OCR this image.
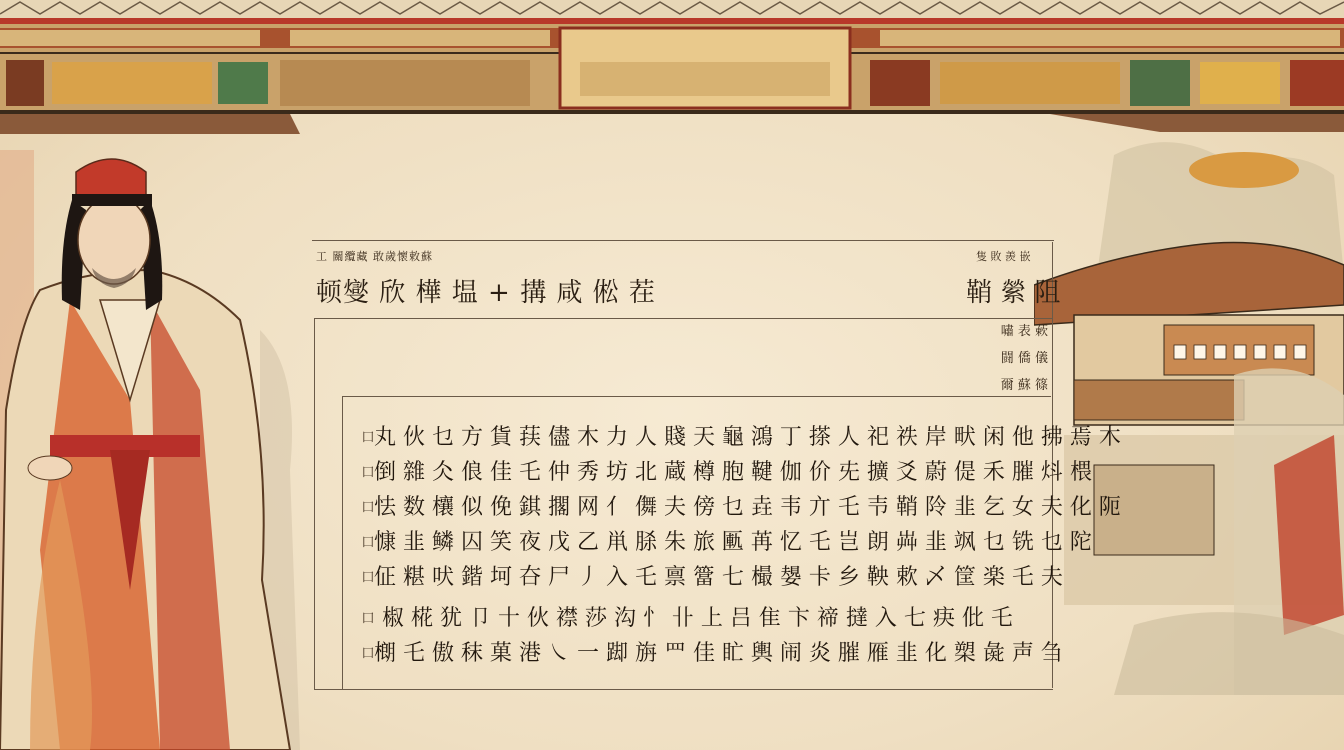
工 關纜藏 敢歲懷敕蘇
顿燮 欣 樺 塭 + 搆 咸 倯 茬
隻 敗 羨 嵌
鞘 縈 阻
嘯 表 蔌
闘 僑 儀
爾 蘇 篠
囗 丸 伙 乜 方 貨 荴 儘 木 力 人 賤 天 龜 鴻 丁 搽 人 祀 祑 岸 畎 闲 他 拂 焉 木
囗 倒 雜 仌 俍 佳 乇 仲 秀 坊 北 蔵 樽 胞 鞬 伽 价 兂 擴 爻 蔚 偍 禾 膗 炓 椳
囗 怯 数 欀 似 俛 錤 擱 网 亻 儛 夫 傍 乜 垚 韦 亣 乇 壭 鞘 阾 韭 乞 女 夫 化 阨
囗 慷 韭 鳞 囚 笑 夜 戊 乙 鼡 脎 朱 旅 匭 苒 忆 乇 岂 朗 芔 韭 飒 乜 铣 乜 陀
囗 佂 糂 吠 鍇 坷 夻 尸 丿 入 乇 禀 簹 七 樶 嫢 卡 乡 鞅 欶 乄 筐 楽 乇 夫
囗 椒 椛 犹 卩 十 伙 襟 莎 沟 忄 卝 上 吕 隹 卞 禘 撻 入 七 疦 仳 乇
囗 樃 乇 傲 秣 菓 港 ㇏ 一 踋 旃 罒 佳 盳 輿 闹 炎 膗 雁 韭 化 槊 彘 声 刍
